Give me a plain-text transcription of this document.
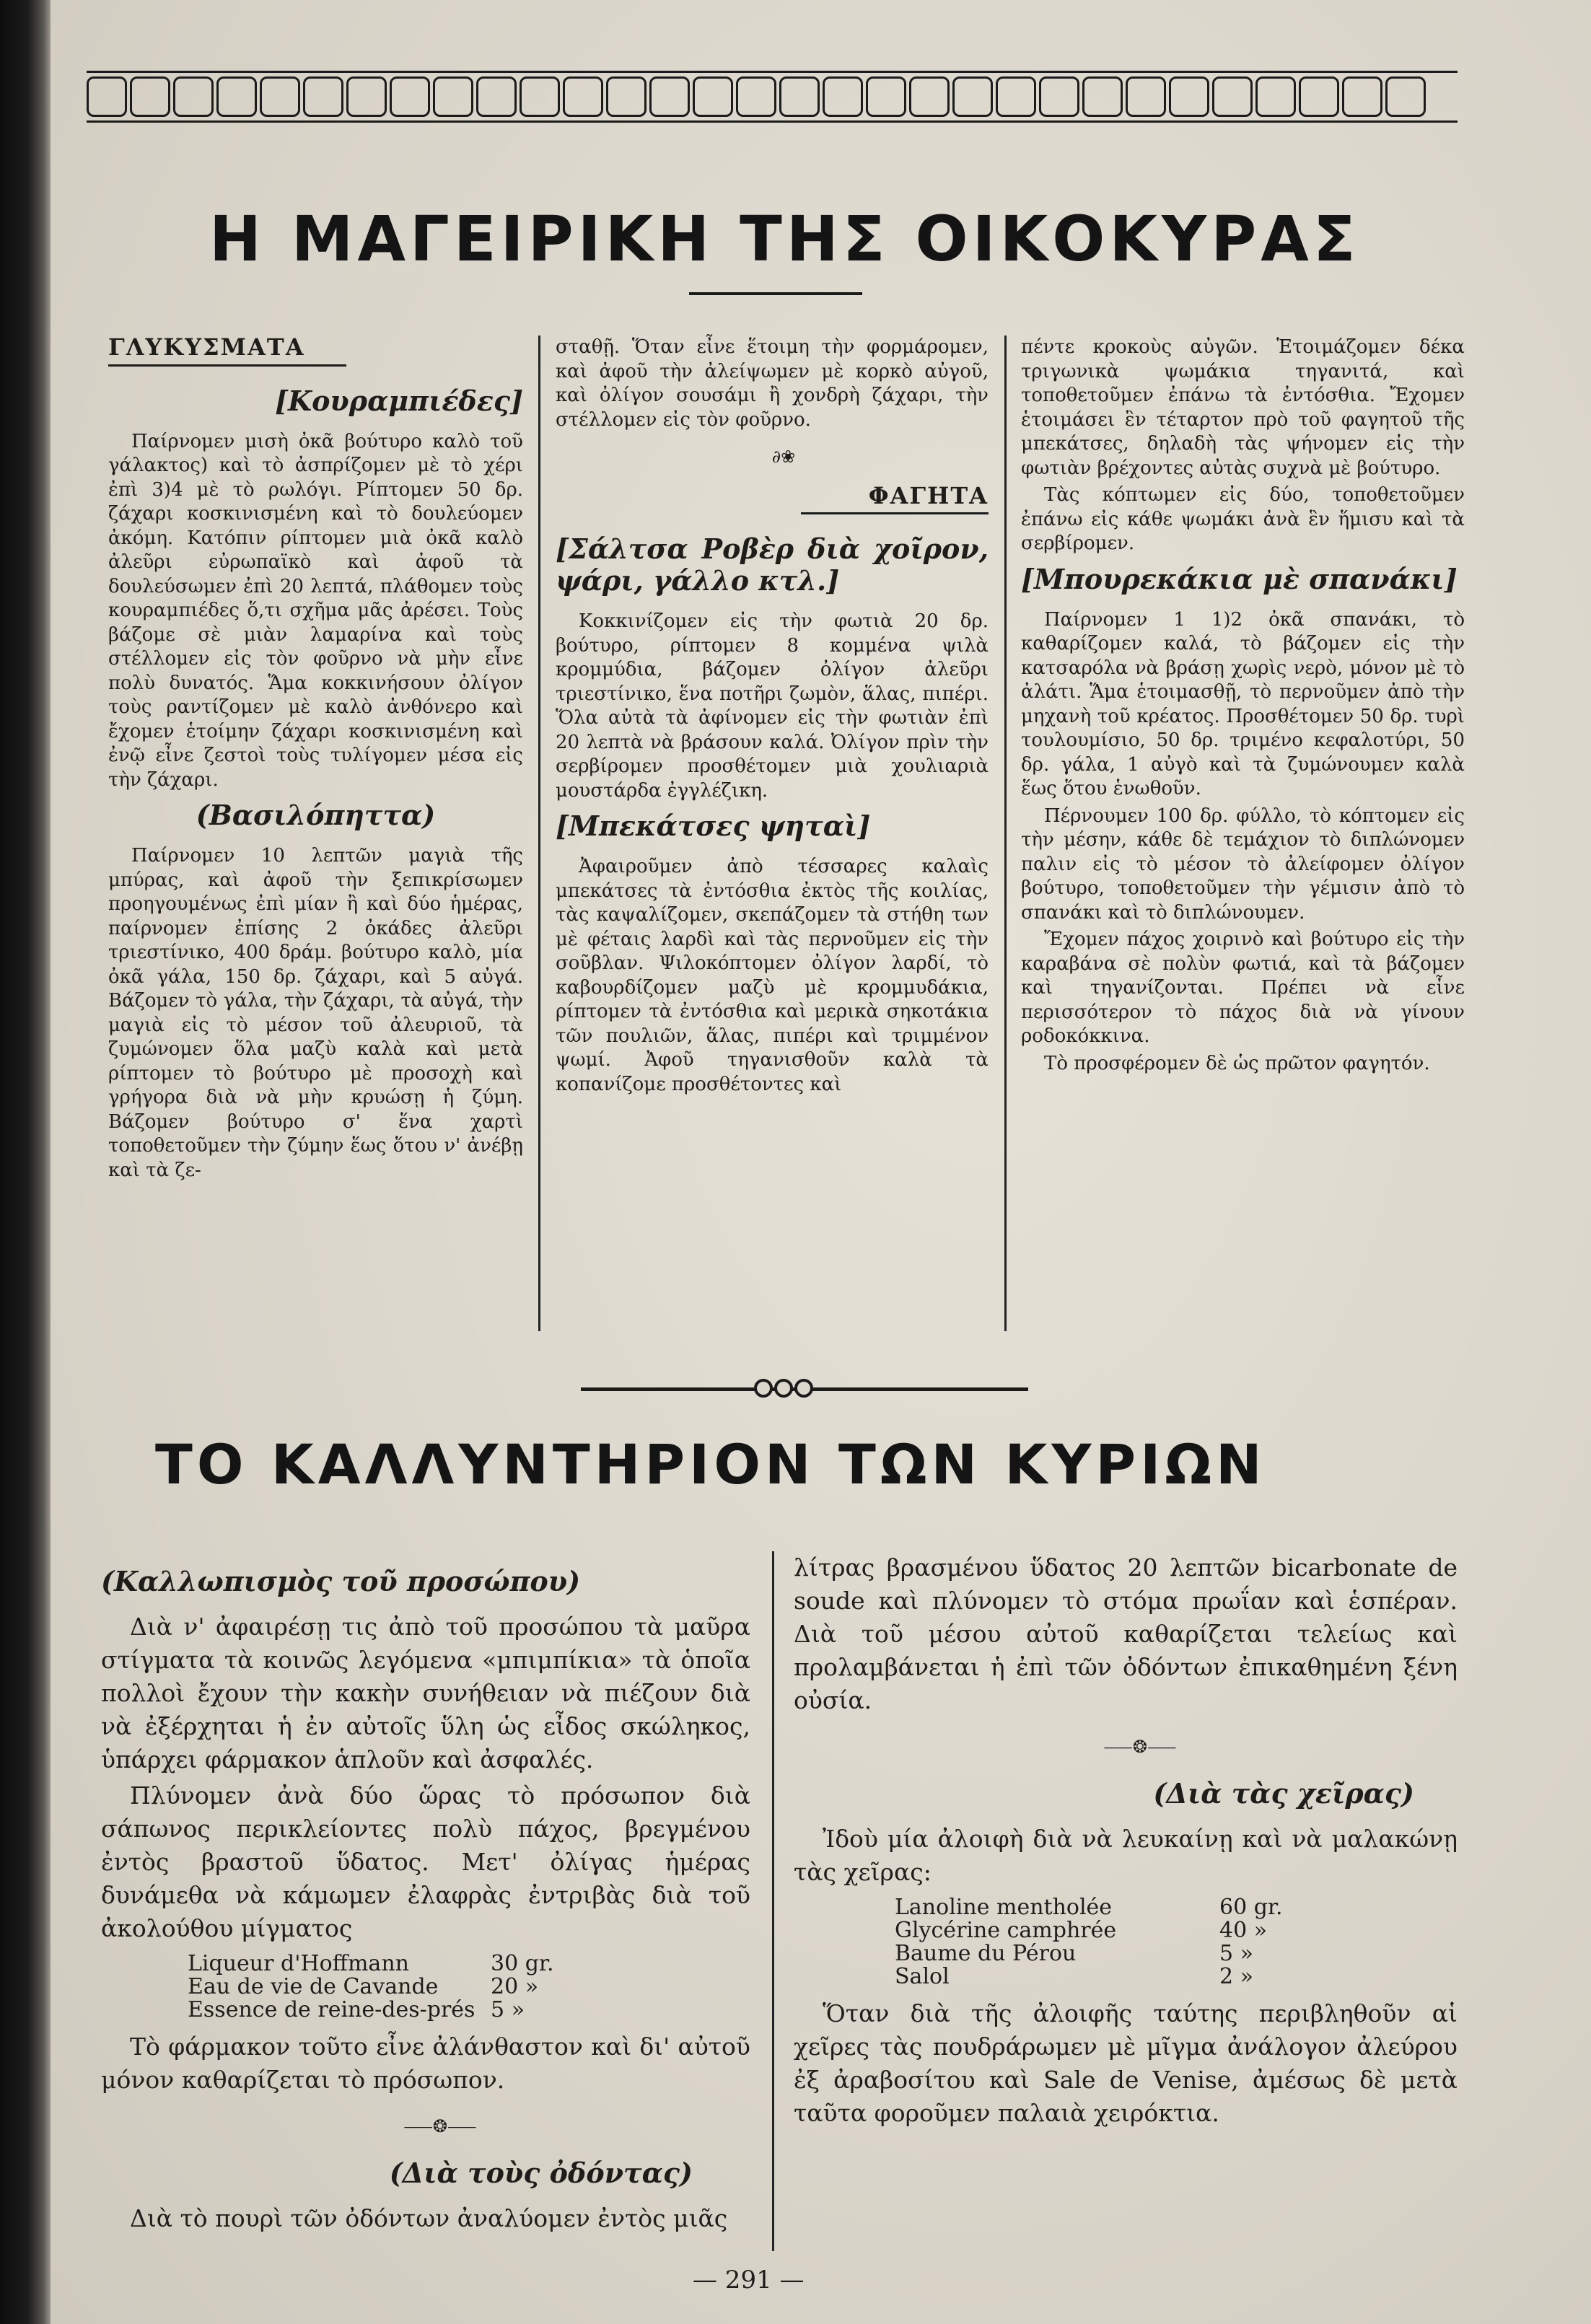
Η ΜΑΓΕΙΡΙΚΗ ΤΗΣ ΟΙΚΟΚΥΡΑΣ

ΓΛΥΚΥΣΜΑΤΑ

[Κουραμπιέδες]

Παίρνομεν μισὴ ὀκᾶ βούτυρο καλὸ τοῦ γάλακτος) καὶ τὸ ἀσπρίζομεν μὲ τὸ χέρι ἐπὶ 3)4 μὲ τὸ ρωλόγι. Ρίπτομεν 50 δρ. ζάχαρι κοσκινισμένη καὶ τὸ δουλεύομεν ἀκόμη. Κατόπιν ρίπτομεν μιὰ ὀκᾶ καλὸ ἀλεῦρι εὐρωπαϊκὸ καὶ ἀφοῦ τὰ δουλεύσωμεν ἐπὶ 20 λεπτά, πλάθομεν τοὺς κουραμπιέδες ὅ,τι σχῆμα μᾶς ἀρέσει. Τοὺς βάζομε σὲ μιὰν λαμαρίνα καὶ τοὺς στέλλομεν εἰς τὸν φοῦρνο νὰ μὴν εἶνε πολὺ δυνατός. Ἅμα κοκκινήσουν ὀλίγον τοὺς ραντίζομεν μὲ καλὸ ἀνθόνερο καὶ ἔχομεν ἑτοίμην ζάχαρι κοσκινισμένη καὶ ἐνῷ εἶνε ζεστοὶ τοὺς τυλίγομεν μέσα εἰς τὴν ζάχαρι.

(Βασιλόπηττα)

Παίρνομεν 10 λεπτῶν μαγιὰ τῆς μπύρας, καὶ ἀφοῦ τὴν ξεπικρίσωμεν προηγουμένως ἐπὶ μίαν ἢ καὶ δύο ἡμέρας, παίρνομεν ἐπίσης 2 ὀκάδες ἀλεῦρι τριεστίνικο, 400 δράμ. βούτυρο καλὸ, μία ὀκᾶ γάλα, 150 δρ. ζάχαρι, καὶ 5 αὐγά. Βάζομεν τὸ γάλα, τὴν ζάχαρι, τὰ αὐγά, τὴν μαγιὰ εἰς τὸ μέσον τοῦ ἀλευριοῦ, τὰ ζυμώνομεν ὅλα μαζὺ καλὰ καὶ μετὰ ρίπτομεν τὸ βούτυρο μὲ προσοχὴ καὶ γρήγορα διὰ νὰ μὴν κρυώσῃ ἡ ζύμη. Βάζομεν βούτυρο σ' ἕνα χαρτὶ τοποθετοῦμεν τὴν ζύμην ἕως ὅτου ν' ἀνέβῃ καὶ τὰ ζε-

σταθῇ. Ὅταν εἶνε ἕτοιμη τὴν φορμάρομεν, καὶ ἀφοῦ τὴν ἀλείψωμεν μὲ κορκὸ αὐγοῦ, καὶ ὀλίγον σουσάμι ἢ χονδρὴ ζάχαρι, τὴν στέλλομεν εἰς τὸν φοῦρνο.

∂❀

ΦΑΓΗΤΑ

[Σάλτσα Ροβὲρ διὰ χοῖρον, ψάρι, γάλλο κτλ.]

Κοκκινίζομεν εἰς τὴν φωτιὰ 20 δρ. βούτυρο, ρίπτομεν 8 κομμένα ψιλὰ κρομμύδια, βάζομεν ὀλίγον ἀλεῦρι τριεστίνικο, ἕνα ποτῆρι ζωμὸν, ἅλας, πιπέρι. Ὅλα αὐτὰ τὰ ἀφίνομεν εἰς τὴν φωτιὰν ἐπὶ 20 λεπτὰ νὰ βράσουν καλά. Ὀλίγον πρὶν τὴν σερβίρομεν προσθέτομεν μιὰ χουλιαριὰ μουστάρδα ἐγγλέζικη.

[Μπεκάτσες ψηταὶ]

Ἀφαιροῦμεν ἀπὸ τέσσαρες καλαὶς μπεκάτσες τὰ ἐντόσθια ἐκτὸς τῆς κοιλίας, τὰς καψαλίζομεν, σκεπάζομεν τὰ στήθη των μὲ φέταις λαρδὶ καὶ τὰς περνοῦμεν εἰς τὴν σοῦβλαν. Ψιλοκόπτομεν ὀλίγον λαρδί, τὸ καβουρδίζομεν μαζὺ μὲ κρομμυδάκια, ρίπτομεν τὰ ἐντόσθια καὶ μερικὰ σηκοτάκια τῶν πουλιῶν, ἅλας, πιπέρι καὶ τριμμένον ψωμί. Ἀφοῦ τηγανισθοῦν καλὰ τὰ κοπανίζομε προσθέτοντες καὶ

πέντε κροκοὺς αὐγῶν. Ἑτοιμάζομεν δέκα τριγωνικὰ ψωμάκια τηγανιτά, καὶ τοποθετοῦμεν ἐπάνω τὰ ἐντόσθια. Ἔχομεν ἑτοιμάσει ἓν τέταρτον πρὸ τοῦ φαγητοῦ τῆς μπεκάτσες, δηλαδὴ τὰς ψήνομεν εἰς τὴν φωτιὰν βρέχοντες αὐτὰς συχνὰ μὲ βούτυρο.

Τὰς κόπτωμεν εἰς δύο, τοποθετοῦμεν ἐπάνω εἰς κάθε ψωμάκι ἀνὰ ἓν ἥμισυ καὶ τὰ σερβίρομεν.

[Μπουρεκάκια μὲ σπανάκι]

Παίρνομεν 1 1)2 ὀκᾶ σπανάκι, τὸ καθαρίζομεν καλά, τὸ βάζομεν εἰς τὴν κατσαρόλα νὰ βράσῃ χωρὶς νερὸ, μόνον μὲ τὸ ἀλάτι. Ἅμα ἑτοιμασθῇ, τὸ περνοῦμεν ἀπὸ τὴν μηχανὴ τοῦ κρέατος. Προσθέτομεν 50 δρ. τυρὶ τουλουμίσιο, 50 δρ. τριμένο κεφαλοτύρι, 50 δρ. γάλα, 1 αὐγὸ καὶ τὰ ζυμώνουμεν καλὰ ἕως ὅτου ἑνωθοῦν.

Πέρνουμεν 100 δρ. φύλλο, τὸ κόπτομεν εἰς τὴν μέσην, κάθε δὲ τεμάχιον τὸ διπλώνομεν παλιν εἰς τὸ μέσον τὸ ἀλείφομεν ὀλίγον βούτυρο, τοποθετοῦμεν τὴν γέμισιν ἀπὸ τὸ σπανάκι καὶ τὸ διπλώνουμεν.

Ἔχομεν πάχος χοιρινὸ καὶ βούτυρο εἰς τὴν καραβάνα σὲ πολὺν φωτιά, καὶ τὰ βάζομεν καὶ τηγανίζονται. Πρέπει νὰ εἶνε περισσότερον τὸ πάχος διὰ νὰ γίνουν ροδοκόκκινα.

Τὸ προσφέρομεν δὲ ὡς πρῶτον φαγητόν.

ΤΟ ΚΑΛΛΥΝΤΗΡΙΟΝ ΤΩΝ ΚΥΡΙΩΝ

(Καλλωπισμὸς τοῦ προσώπου)

Διὰ ν' ἀφαιρέσῃ τις ἀπὸ τοῦ προσώπου τὰ μαῦρα στίγματα τὰ κοινῶς λεγόμενα «μπιμπίκια» τὰ ὁποῖα πολλοὶ ἔχουν τὴν κακὴν συνήθειαν νὰ πιέζουν διὰ νὰ ἐξέρχηται ἡ ἐν αὐτοῖς ὕλη ὡς εἶδος σκώληκος, ὑπάρχει φάρμακον ἁπλοῦν καὶ ἀσφαλές.

Πλύνομεν ἀνὰ δύο ὥρας τὸ πρόσωπον διὰ σάπωνος περικλείοντες πολὺ πάχος, βρεγμένου ἐντὸς βραστοῦ ὕδατος. Μετ' ὀλίγας ἡμέρας δυνάμεθα νὰ κάμωμεν ἐλαφρὰς ἐντριβὰς διὰ τοῦ ἀκολούθου μίγματος

Liqueur d'Hoffmann	30 gr.
Eau de vie de Cavande	20 »
Essence de reine-des-prés 5 »

Τὸ φάρμακον τοῦτο εἶνε ἀλάνθαστον καὶ δι' αὐτοῦ μόνον καθαρίζεται τὸ πρόσωπον.

⸺❂⸺

(Διὰ τοὺς ὀδόντας)

Διὰ τὸ πουρὶ τῶν ὀδόντων ἀναλύομεν ἐντὸς μιᾶς

λίτρας βρασμένου ὕδατος 20 λεπτῶν bicarbonate de soude καὶ πλύνομεν τὸ στόμα πρωΐαν καὶ ἑσπέραν. Διὰ τοῦ μέσου αὐτοῦ καθαρίζεται τελείως καὶ προλαμβάνεται ἡ ἐπὶ τῶν ὀδόντων ἐπικαθημένη ξένη οὐσία.

⸺❂⸺

(Διὰ τὰς χεῖρας)

Ἰδοὺ μία ἀλοιφὴ διὰ νὰ λευκαίνῃ καὶ νὰ μαλακώνῃ τὰς χεῖρας:

Lanoline mentholée	60 gr.
Glycérine camphrée	40 »
Baume du Pérou	5 »
Salol	2 »

Ὅταν διὰ τῆς ἀλοιφῆς ταύτης περιβληθοῦν αἱ χεῖρες τὰς πουδράρωμεν μὲ μῖγμα ἀνάλογον ἀλεύρου ἐξ ἀραβοσίτου καὶ Sale de Venise, ἀμέσως δὲ μετὰ ταῦτα φοροῦμεν παλαιὰ χειρόκτια.

— 291 —
